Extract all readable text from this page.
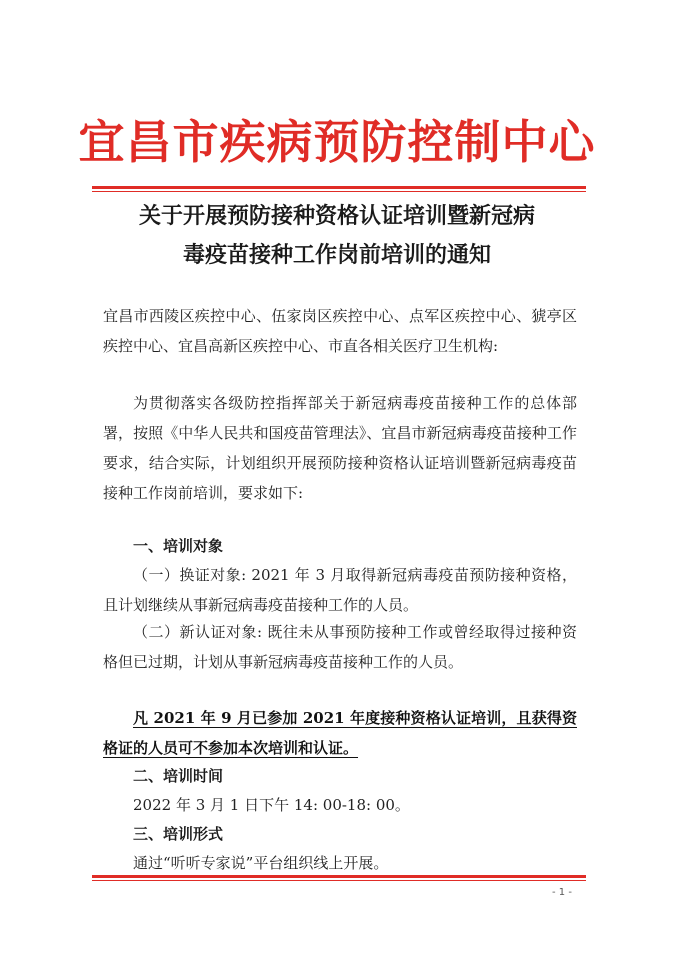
宜昌市疾病预防控制中心
关于开展预防接种资格认证培训暨新冠病
毒疫苗接种工作岗前培训的通知
宜昌市西陵区疾控中心、伍家岗区疾控中心、点军区疾控中心、猇亭区疾控中心、宜昌高新区疾控中心、市直各相关医疗卫生机构:
为贯彻落实各级防控指挥部关于新冠病毒疫苗接种工作的总体部署，按照《中华人民共和国疫苗管理法》、宜昌市新冠病毒疫苗接种工作要求，结合实际，计划组织开展预防接种资格认证培训暨新冠病毒疫苗接种工作岗前培训，要求如下:
一、培训对象
（一）换证对象: 2021 年 3 月取得新冠病毒疫苗预防接种资格，且计划继续从事新冠病毒疫苗接种工作的人员。
（二）新认证对象: 既往未从事预防接种工作或曾经取得过接种资格但已过期，计划从事新冠病毒疫苗接种工作的人员。
凡 2021 年 9 月已参加 2021 年度接种资格认证培训，且获得资格证的人员可不参加本次培训和认证。
二、培训时间
2022 年 3 月 1 日下午 14: 00-18: 00。
三、培训形式
通过“听听专家说”平台组织线上开展。
- 1 -
